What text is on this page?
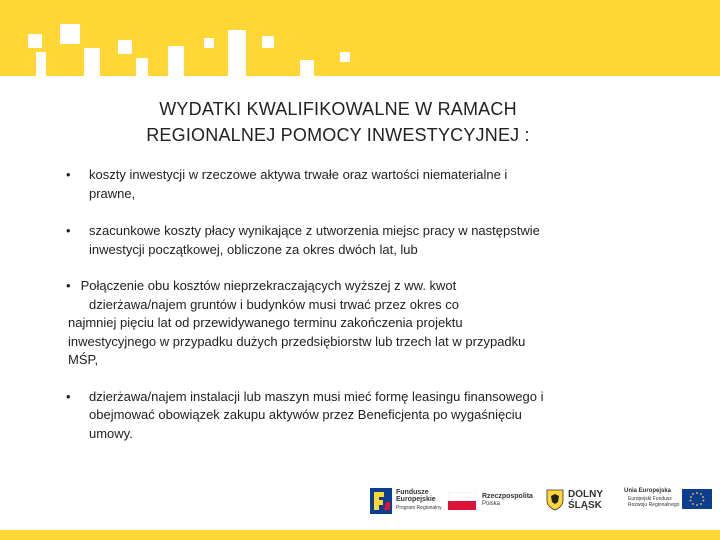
WYDATKI KWALIFIKOWALNE W RAMACH
REGIONALNEJ POMOCY INWESTYCYJNEJ :
• koszty inwestycji w rzeczowe aktywa trwałe oraz wartości niematerialne i
prawne,
• szacunkowe koszty płacy wynikające z utworzenia miejsc pracy w następstwie
inwestycji początkowej, obliczone za okres dwóch lat, lub
• Połączenie obu kosztów nieprzekraczających wyższej z ww. kwot
dzierżawa/najem gruntów i budynków musi trwać przez okres co
najmniej pięciu lat od przewidywanego terminu zakończenia projektu
inwestycyjnego w przypadku dużych przedsiębiorstw lub trzech lat w przypadku
MŚP,
• dzierżawa/najem instalacji lub maszyn musi mieć formę leasingu finansowego i
obejmować obowiązek zakupu aktywów przez Beneficjenta po wygaśnięciu
umowy.
Fundusze
Europejskie
Program Regionalny
Rzeczpospolita
Polska
DOLNY
ŚLĄSK
Unia Europejska
Europejski Fundusz
Rozwoju Regionalnego
